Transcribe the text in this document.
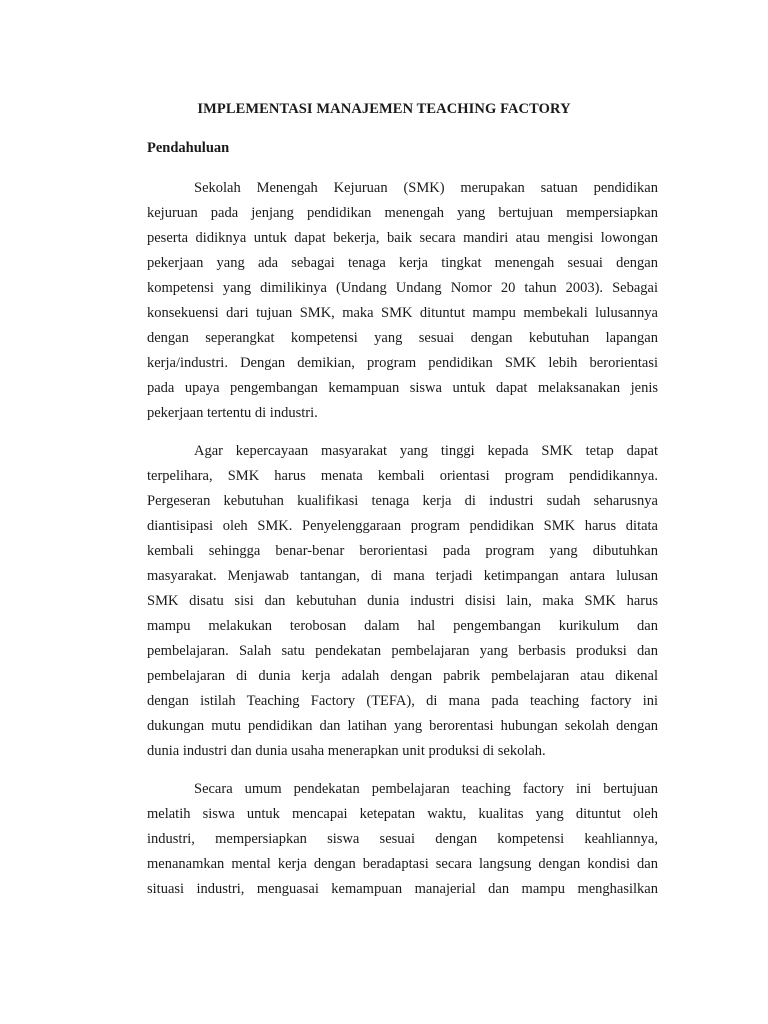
IMPLEMENTASI MANAJEMEN TEACHING FACTORY
Pendahuluan
Sekolah Menengah Kejuruan (SMK) merupakan satuan pendidikan
kejuruan pada jenjang pendidikan menengah yang bertujuan mempersiapkan
peserta didiknya untuk dapat bekerja, baik secara mandiri atau mengisi lowongan
pekerjaan yang ada sebagai tenaga kerja tingkat menengah sesuai dengan
kompetensi yang dimilikinya (Undang Undang Nomor 20 tahun 2003). Sebagai
konsekuensi dari tujuan SMK, maka SMK dituntut mampu membekali lulusannya
dengan seperangkat kompetensi yang sesuai dengan kebutuhan lapangan
kerja/industri. Dengan demikian, program pendidikan SMK lebih berorientasi
pada upaya pengembangan kemampuan siswa untuk dapat melaksanakan jenis
pekerjaan tertentu di industri.
Agar kepercayaan masyarakat yang tinggi kepada SMK tetap dapat
terpelihara, SMK harus menata kembali orientasi program pendidikannya.
Pergeseran kebutuhan kualifikasi tenaga kerja di industri sudah seharusnya
diantisipasi oleh SMK. Penyelenggaraan program pendidikan SMK harus ditata
kembali sehingga benar-benar berorientasi pada program yang dibutuhkan
masyarakat. Menjawab tantangan, di mana terjadi ketimpangan antara lulusan
SMK disatu sisi dan kebutuhan dunia industri disisi lain, maka SMK harus
mampu melakukan terobosan dalam hal pengembangan kurikulum dan
pembelajaran. Salah satu pendekatan pembelajaran yang berbasis produksi dan
pembelajaran di dunia kerja adalah dengan pabrik pembelajaran atau dikenal
dengan istilah Teaching Factory (TEFA), di mana pada teaching factory ini
dukungan mutu pendidikan dan latihan yang berorentasi hubungan sekolah dengan
dunia industri dan dunia usaha menerapkan unit produksi di sekolah.
Secara umum pendekatan pembelajaran teaching factory ini bertujuan
melatih siswa untuk mencapai ketepatan waktu, kualitas yang dituntut oleh
industri, mempersiapkan siswa sesuai dengan kompetensi keahliannya,
menanamkan mental kerja dengan beradaptasi secara langsung dengan kondisi dan
situasi industri, menguasai kemampuan manajerial dan mampu menghasilkan
